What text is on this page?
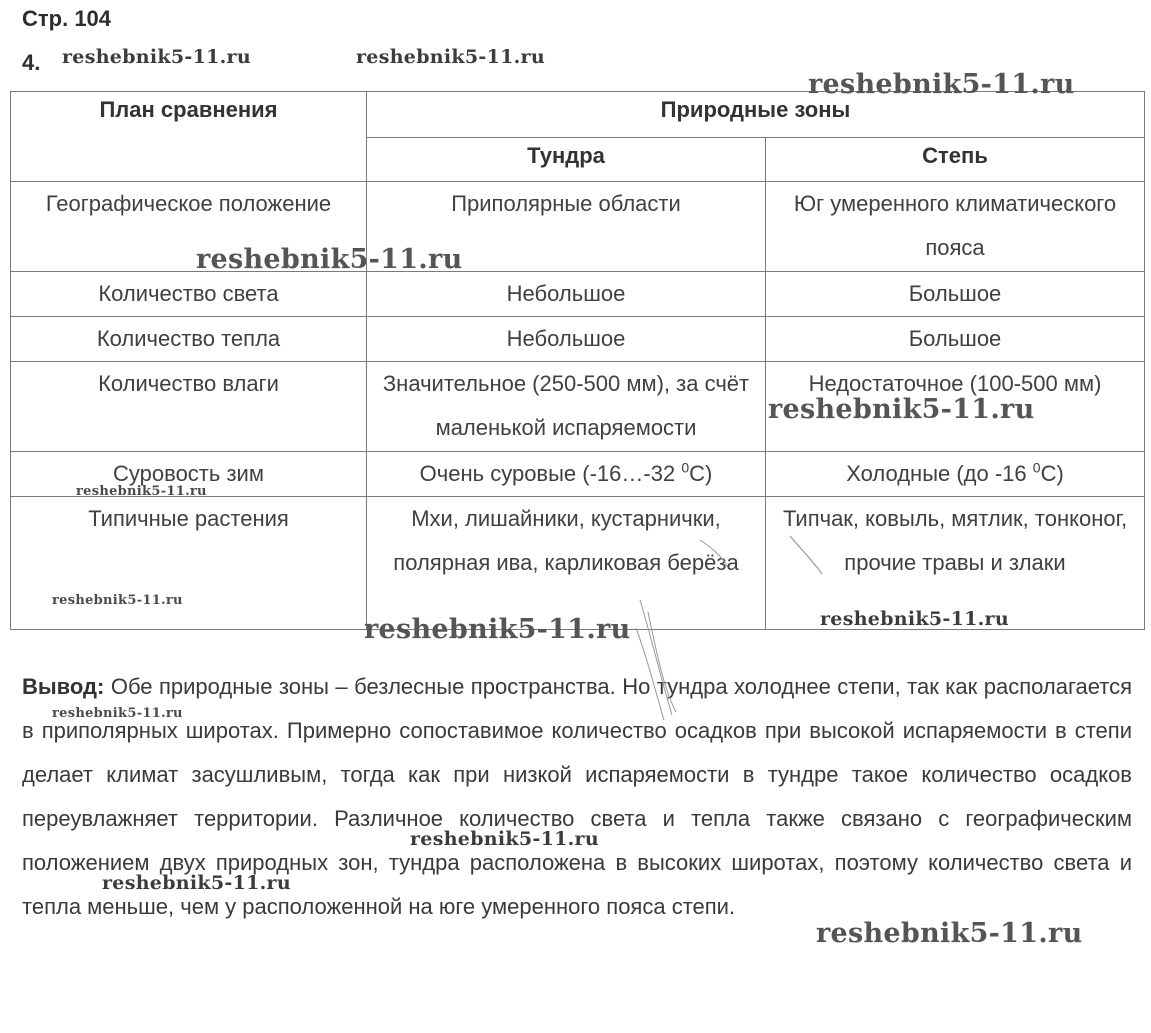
Стр. 104
4.
План сравнения	Природные зоны	
	Тундра	Степь
Географическое положение	Приполярные области	Юг умеренного климатического пояса
Количество света	Небольшое	Большое
Количество тепла	Небольшое	Большое
Количество влаги	Значительное (250-500 мм), за счёт маленькой испаряемости	Недостаточное (100-500 мм)
Суровость зим	Очень суровые (-16…-32 $^0$С)	Холодные (до -16 $^0$С)
Типичные растения	Мхи, лишайники, кустарнички, полярная ива, карликовая берёза	Типчак, ковыль, мятлик, тонконог, прочие травы и злаки
Вывод: Обе природные зоны – безлесные пространства. Но тундра холоднее степи, так как располагается в приполярных широтах. Примерно сопоставимое количество осадков при высокой испаряемости в степи делает климат засушливым, тогда как при низкой испаряемости в тундре такое количество осадков переувлажняет территории. Различное количество света и тепла также связано с географическим положением двух природных зон, тундра расположена в высоких широтах, поэтому количество света и тепла меньше, чем у расположенной на юге умеренного пояса степи.
reshebnik5-11.ru	reshebnik5-11.ru
reshebnik5-11.ru
reshebnik5-11.ru
reshebnik5-11.ru
reshebnik5-11.ru
reshebnik5-11.ru
reshebnik5-11.ru
reshebnik5-11.ru
reshebnik5-11.ru
reshebnik5-11.ru
reshebnik5-11.ru
reshebnik5-11.ru
